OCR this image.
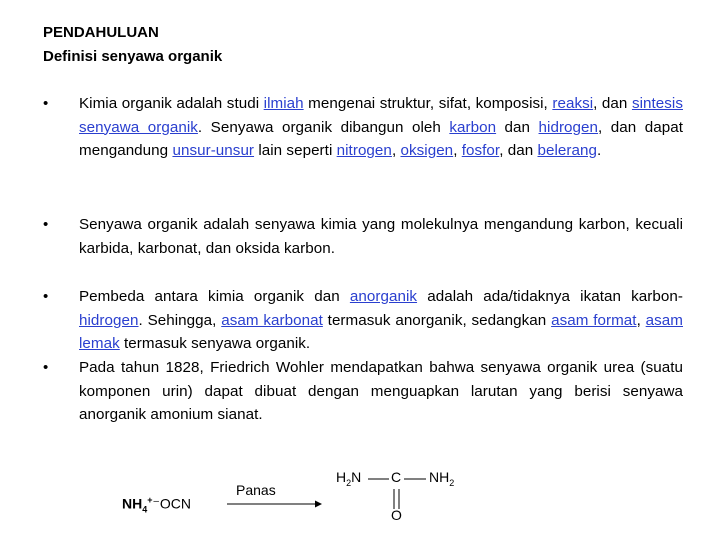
PENDAHULUAN
Definisi senyawa organik
• Kimia organik adalah studi ilmiah mengenai struktur, sifat, komposisi, reaksi, dan sintesis senyawa organik. Senyawa organik dibangun oleh karbon dan hidrogen, dan dapat mengandung unsur-unsur lain seperti nitrogen, oksigen, fosfor, dan belerang.
• Senyawa organik adalah senyawa kimia yang molekulnya mengandung karbon, kecuali karbida, karbonat, dan oksida karbon.
• Pembeda antara kimia organik dan anorganik adalah ada/tidaknya ikatan karbon-hidrogen. Sehingga, asam karbonat termasuk anorganik, sedangkan asam format, asam lemak termasuk senyawa organik.
• Pada tahun 1828, Friedrich Wohler mendapatkan bahwa senyawa organik urea (suatu komponen urin) dapat dibuat dengan menguapkan larutan yang berisi senyawa anorganik amonium sianat.
$NH_4^+^-OCN$
Panas
$H_2N$ C $NH_2$
O
